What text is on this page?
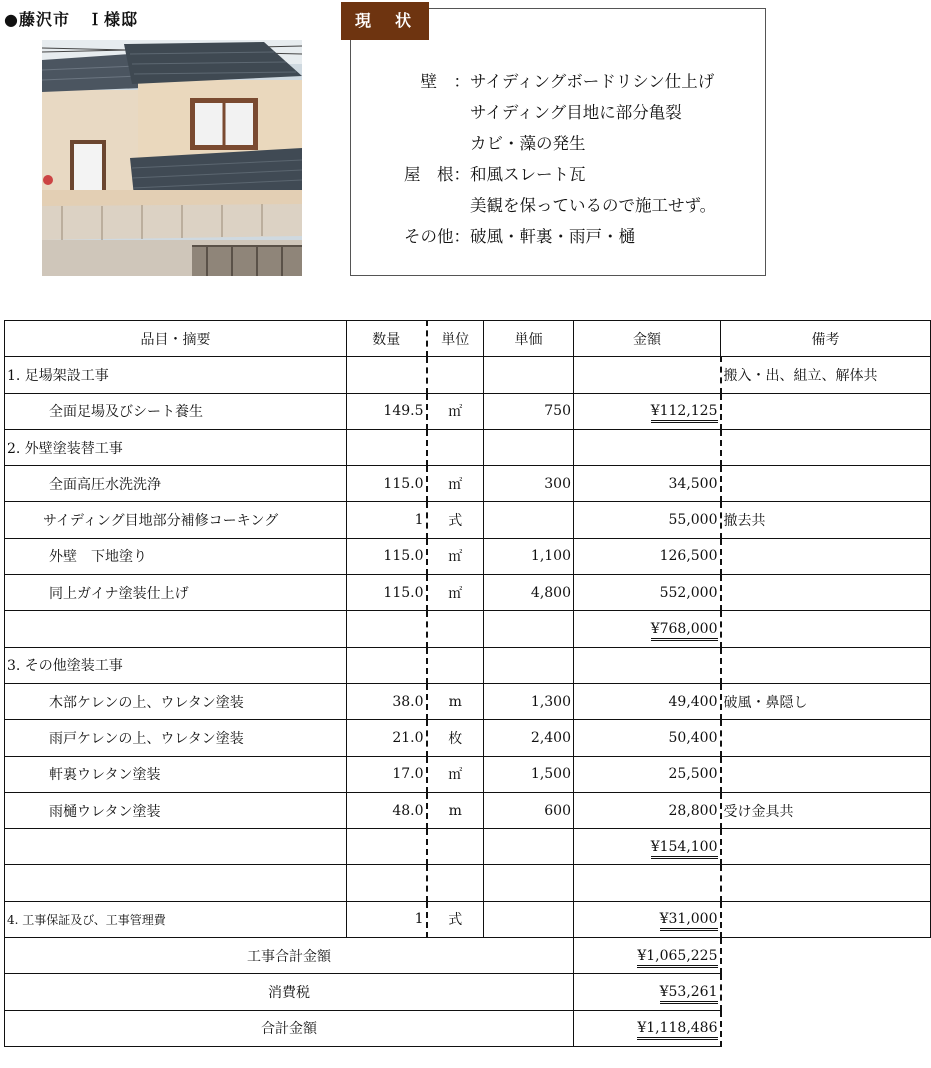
●藤沢市　Ｉ様邸	現　状
壁　： サイディングボードリシン仕上げ
サイディング目地に部分亀裂
カビ・藻の発生
屋　根： 和風スレート瓦
美観を保っているので施工せず。
その他： 破風・軒裏・雨戸・樋
品目・摘要	数量	単位	単価	金額	備考
1. 足場架設工事					搬入・出、組立、解体共
全面足場及びシート養生	149.5	㎡	750	¥112,125	
2. 外壁塗装替工事					
全面高圧水洗洗浄	115.0	㎡	300	34,500	
サイディング目地部分補修コーキング	1	式		55,000	撤去共
外壁　下地塗り	115.0	㎡	1,100	126,500	
同上ガイナ塗装仕上げ	115.0	㎡	4,800	552,000	
				¥768,000	
3. その他塗装工事					
木部ケレンの上、ウレタン塗装	38.0	m	1,300	49,400	破風・鼻隠し
雨戸ケレンの上、ウレタン塗装	21.0	枚	2,400	50,400	
軒裏ウレタン塗装	17.0	㎡	1,500	25,500	
雨樋ウレタン塗装	48.0	m	600	28,800	受け金具共
				¥154,100	

4. 工事保証及び、工事管理費	1	式		¥31,000	
工事合計金額				¥1,065,225	
消費税				¥53,261	
合計金額				¥1,118,486	
